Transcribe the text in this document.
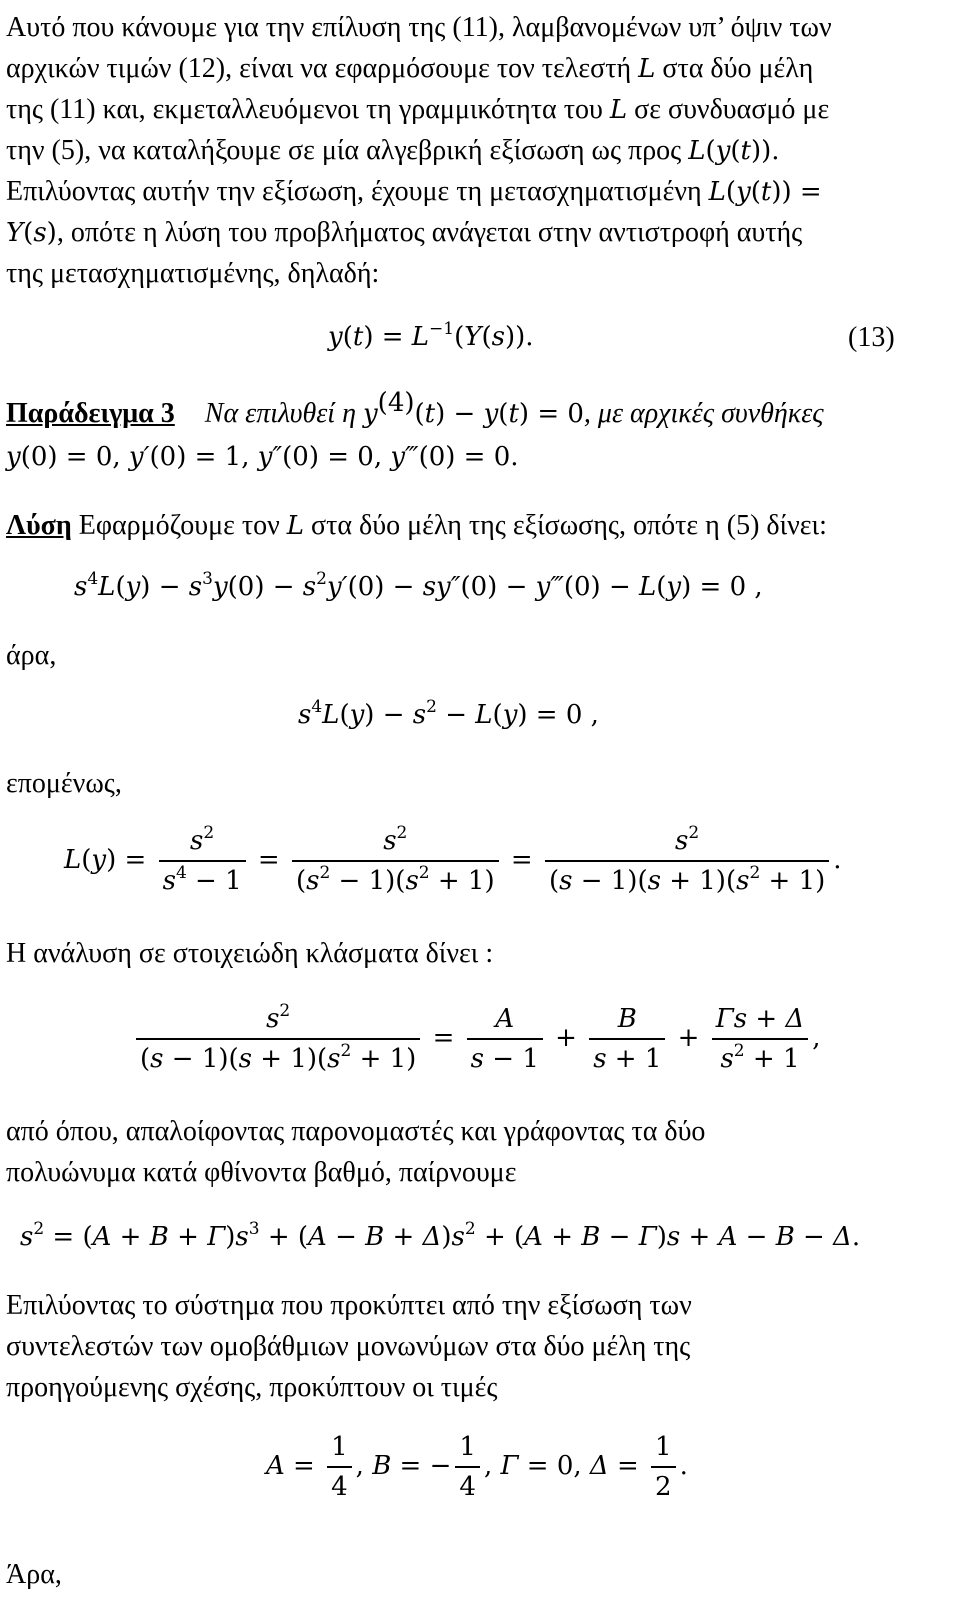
Αυτό που κάνουμε για την επίλυση της (11), λαμβανομένων υπ’ όψιν των
αρχικών τιμών (12), είναι να εφαρμόσουμε τον τελεστή L στα δύο μέλη
της (11) και, εκμεταλλευόμενοι τη γραμμικότητα του L σε συνδυασμό με
την (5), να καταλήξουμε σε μία αλγεβρική εξίσωση ως προς L(y(t)).
Επιλύοντας αυτήν την εξίσωση, έχουμε τη μετασχηματισμένη L(y(t)) =
Y(s), οπότε η λύση του προβλήματος ανάγεται στην αντιστροφή αυτής
της μετασχηματισμένης, δηλαδή:
$y(t) = L^{-1}(Y(s))$.	(13)
Παράδειγμα 3 Να επιλυθεί η $y^{(4)}(t) - y(t) = 0$, με αρχικές συνθήκες
y(0) = 0, y′(0) = 1, y″(0) = 0, y‴(0) = 0.
Λύση Εφαρμόζουμε τον L στα δύο μέλη της εξίσωσης, οπότε η (5) δίνει:
$s^4L(y) - s^3y(0) - s^2y'(0) - sy''(0)$ − y‴(0) − L(y) = 0 ,
άρα,
$s^4L(y) - s^2 - L(y) = 0$ ,
επομένως,
$L(y) = \frac{s^2}{s^4 - 1} = \frac{s^2}{(s^2 - 1)(s^2 + 1)} = \frac{s^2}{(s - 1)(s + 1)(s^2 + 1)}$ .
Η ανάλυση σε στοιχειώδη κλάσματα δίνει :
$\frac{s^2}{(s - 1)(s + 1)(s^2 + 1)} = \frac{A}{s - 1} + \frac{B}{s + 1} + \frac{\Gamma s + \Delta}{s^2 + 1}$ ,
από όπου, απαλοίφοντας παρονομαστές και γράφοντας τα δύο
πολυώνυμα κατά φθίνοντα βαθμό, παίρνουμε
$s^2 = (A + B + \Gamma)s^3 + (A - B + \Delta)s^2 + (A + B - \Gamma)s + A - B - \Delta$.
Επιλύοντας το σύστημα που προκύπτει από την εξίσωση των
συντελεστών των ομοβάθμιων μονωνύμων στα δύο μέλη της
προηγούμενης σχέσης, προκύπτουν οι τιμές
$A = \frac{1}{4}$ , B = − $\frac{1}{4}$ , Γ = 0, $\Delta = \frac{1}{2}$ .
Άρα,
